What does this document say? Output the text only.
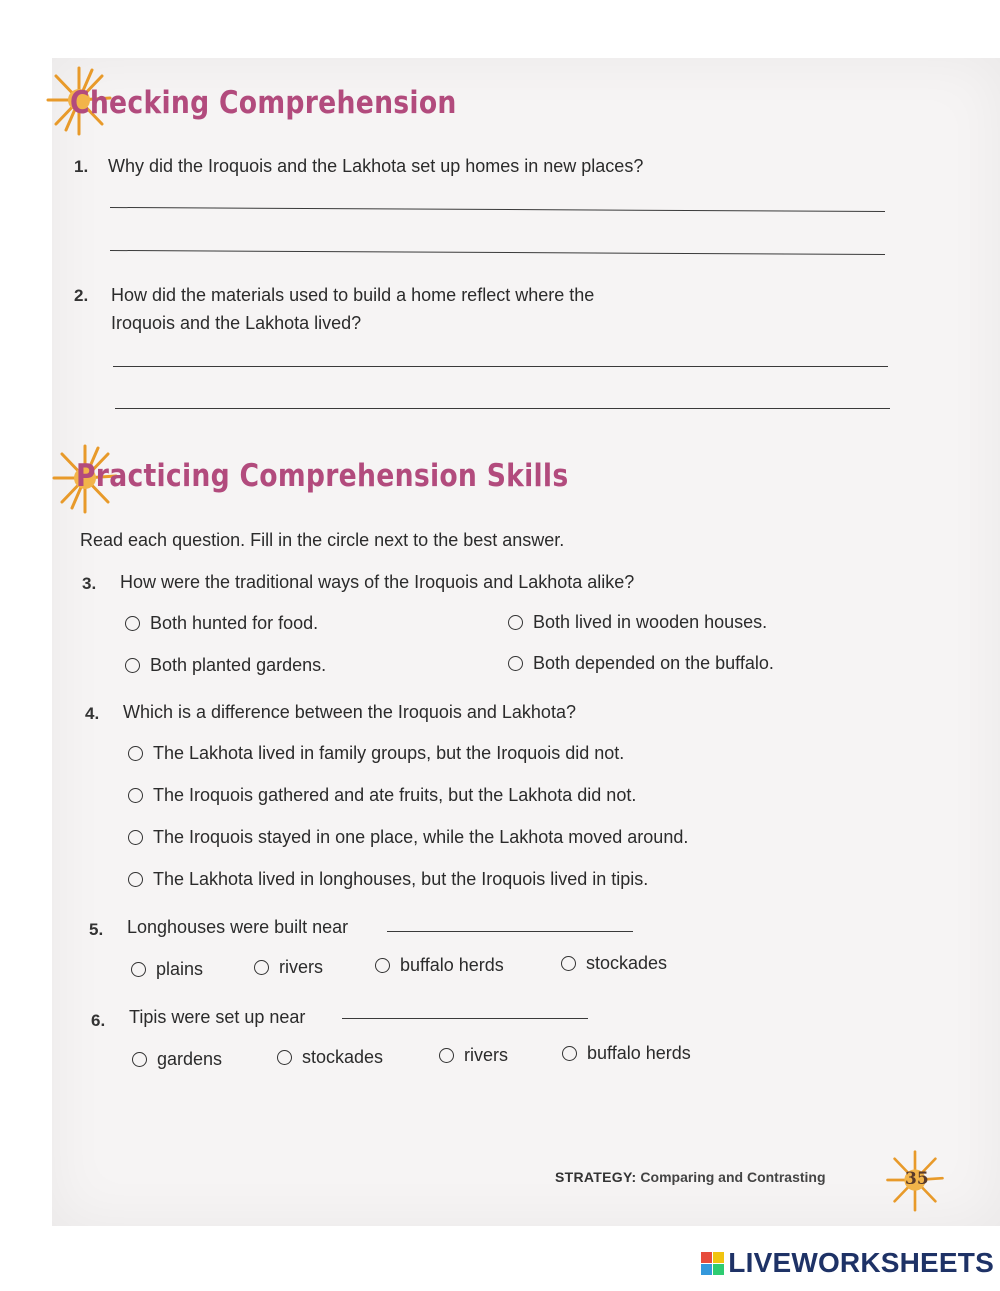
Checking Comprehension
1. Why did the Iroquois and the Lakhota set up homes in new places?
2. How did the materials used to build a home reflect where the
Iroquois and the Lakhota lived?
Practicing Comprehension Skills
Read each question. Fill in the circle next to the best answer.
3. How were the traditional ways of the Iroquois and Lakhota alike?
Both hunted for food.	Both lived in wooden houses.
Both planted gardens.	Both depended on the buffalo.
4. Which is a difference between the Iroquois and Lakhota?
The Lakhota lived in family groups, but the Iroquois did not.
The Iroquois gathered and ate fruits, but the Lakhota did not.
The Iroquois stayed in one place, while the Lakhota moved around.
The Lakhota lived in longhouses, but the Iroquois lived in tipis.
5. Longhouses were built near
plains	rivers	buffalo herds	stockades
6. Tipis were set up near
gardens	stockades	rivers	buffalo herds
STRATEGY: Comparing and Contrasting	35
LIVEWORKSHEETS
